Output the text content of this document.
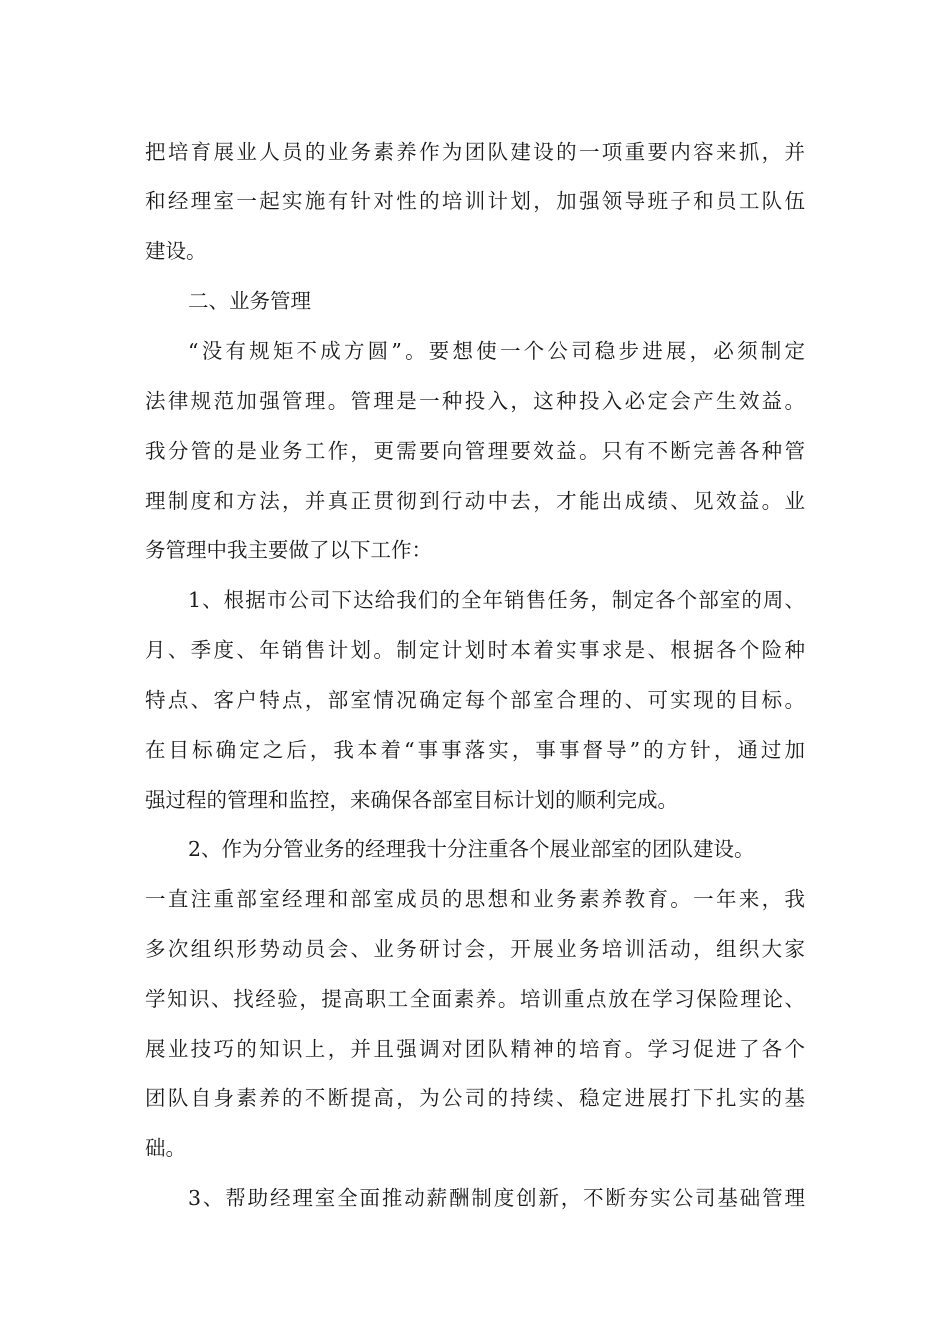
把培育展业人员的业务素养作为团队建设的一项重要内容来抓，并

和经理室一起实施有针对性的培训计划，加强领导班子和员工队伍

建设。

二、业务管理

“没有规矩不成方圆”。要想使一个公司稳步进展，必须制定

法律规范加强管理。管理是一种投入，这种投入必定会产生效益。

我分管的是业务工作，更需要向管理要效益。只有不断完善各种管

理制度和方法，并真正贯彻到行动中去，才能出成绩、见效益。业

务管理中我主要做了以下工作：

1、根据市公司下达给我们的全年销售任务，制定各个部室的周、

月、季度、年销售计划。制定计划时本着实事求是、根据各个险种

特点、客户特点，部室情况确定每个部室合理的、可实现的目标。

在目标确定之后，我本着“事事落实，事事督导”的方针，通过加

强过程的管理和监控，来确保各部室目标计划的顺利完成。

2、作为分管业务的经理我十分注重各个展业部室的团队建设。

一直注重部室经理和部室成员的思想和业务素养教育。一年来，我

多次组织形势动员会、业务研讨会，开展业务培训活动，组织大家

学知识、找经验，提高职工全面素养。培训重点放在学习保险理论、

展业技巧的知识上，并且强调对团队精神的培育。学习促进了各个

团队自身素养的不断提高，为公司的持续、稳定进展打下扎实的基

础。

3、帮助经理室全面推动薪酬制度创新，不断夯实公司基础管理
